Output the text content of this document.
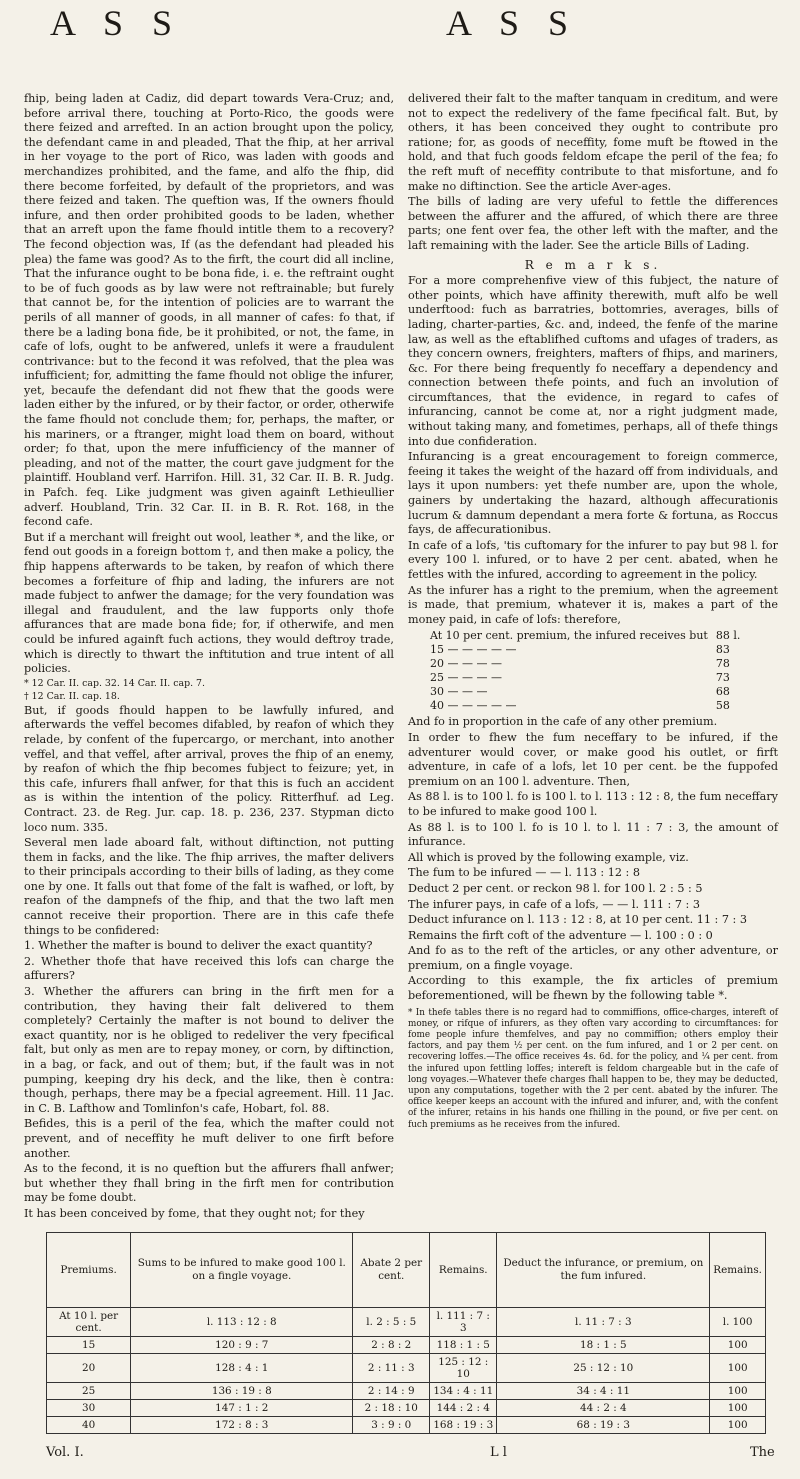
A S S	A S S

fhip, being laden at Cadiz, did depart towards Vera-Cruz; and, before arrival there, touching at Porto-Rico, the goods were there feized and arrefted. In an action brought upon the policy, the defendant came in and pleaded, That the fhip, at her arrival in her voyage to the port of Rico, was laden with goods and merchandizes prohibited, and the fame, and alfo the fhip, did there become forfeited, by default of the proprietors, and was there feized and taken. The queftion was, If the owners fhould infure, and then order prohibited goods to be laden, whether that an arreft upon the fame fhould intitle them to a recovery? The fecond objection was, If (as the defendant had pleaded his plea) the fame was good? As to the firft, the court did all incline, That the infurance ought to be bona fide, i. e. the reftraint ought to be of fuch goods as by law were not reftrainable; but furely that cannot be, for the intention of policies are to warrant the perils of all manner of goods, in all manner of cafes: fo that, if there be a lading bona fide, be it prohibited, or not, the fame, in cafe of lofs, ought to be anfwered, unlefs it were a fraudulent contrivance: but to the fecond it was refolved, that the plea was infufficient; for, admitting the fame fhould not oblige the infurer, yet, becaufe the defendant did not fhew that the goods were laden either by the infured, or by their factor, or order, otherwife the fame fhould not conclude them; for, perhaps, the mafter, or his mariners, or a ftranger, might load them on board, without order; fo that, upon the mere infufficiency of the manner of pleading, and not of the matter, the court gave judgment for the plaintiff. Houbland verf. Harrifon. Hill. 31, 32 Car. II. B. R. Judg. in Pafch. feq. Like judgment was given againft Lethieullier adverf. Houbland, Trin. 32 Car. II. in B. R. Rot. 168, in the fecond cafe.

But if a merchant will freight out wool, leather *, and the like, or fend out goods in a foreign bottom †, and then make a policy, the fhip happens afterwards to be taken, by reafon of which there becomes a forfeiture of fhip and lading, the infurers are not made fubject to anfwer the damage; for the very foundation was illegal and fraudulent, and the law fupports only thofe affurances that are made bona fide; for, if otherwife, and men could be infured againft fuch actions, they would deftroy trade, which is directly to thwart the inftitution and true intent of all policies.

* 12 Car. II. cap. 32. 14 Car. II. cap. 7.

† 12 Car. II. cap. 18.

But, if goods fhould happen to be lawfully infured, and afterwards the veffel becomes difabled, by reafon of which they relade, by confent of the fupercargo, or merchant, into another veffel, and that veffel, after arrival, proves the fhip of an enemy, by reafon of which the fhip becomes fubject to feizure; yet, in this cafe, infurers fhall anfwer, for that this is fuch an accident as is within the intention of the policy. Ritterfhuf. ad Leg. Contract. 23. de Reg. Jur. cap. 18. p. 236, 237. Stypman dicto loco num. 335.

Several men lade aboard falt, without diftinction, not putting them in facks, and the like. The fhip arrives, the mafter delivers to their principals according to their bills of lading, as they come one by one. It falls out that fome of the falt is wafhed, or loft, by reafon of the dampnefs of the fhip, and that the two laft men cannot receive their proportion. There are in this cafe thefe things to be confidered:

1. Whether the mafter is bound to deliver the exact quantity?

2. Whether thofe that have received this lofs can charge the affurers?

3. Whether the affurers can bring in the firft men for a contribution, they having their falt delivered to them completely? Certainly the mafter is not bound to deliver the exact quantity, nor is he obliged to redeliver the very fpecifical falt, but only as men are to repay money, or corn, by diftinction, in a bag, or fack, and out of them; but, if the fault was in not pumping, keeping dry his deck, and the like, then è contra: though, perhaps, there may be a fpecial agreement. Hill. 11 Jac. in C. B. Lafthow and Tomlinfon's cafe, Hobart, fol. 88.

Befides, this is a peril of the fea, which the mafter could not prevent, and of neceffity he muft deliver to one firft before another.

As to the fecond, it is no queftion but the affurers fhall anfwer; but whether they fhall bring in the firft men for contribution may be fome doubt.

It has been conceived by fome, that they ought not; for they

delivered their falt to the mafter tanquam in creditum, and were not to expect the redelivery of the fame fpecifical falt. But, by others, it has been conceived they ought to contribute pro ratione; for, as goods of neceffity, fome muft be ftowed in the hold, and that fuch goods feldom efcape the peril of the fea; fo the reft muft of neceffity contribute to that misfortune, and fo make no diftinction. See the article Aver-ages.

The bills of lading are very ufeful to fettle the differences between the affurer and the affured, of which there are three parts; one fent over fea, the other left with the mafter, and the laft remaining with the lader. See the article Bills of Lading.

R e m a r k s.

For a more comprehenfive view of this fubject, the nature of other points, which have affinity therewith, muft alfo be well underftood: fuch as barratries, bottomries, averages, bills of lading, charter-parties, &c. and, indeed, the fenfe of the marine law, as well as the eftablifhed cuftoms and ufages of traders, as they concern owners, freighters, mafters of fhips, and mariners, &c. For there being frequently fo neceffary a dependency and connection between thefe points, and fuch an involution of circumftances, that the evidence, in regard to cafes of infurancing, cannot be come at, nor a right judgment made, without taking many, and fometimes, perhaps, all of thefe things into due confideration.

Infurancing is a great encouragement to foreign commerce, feeing it takes the weight of the hazard off from individuals, and lays it upon numbers: yet thefe number are, upon the whole, gainers by undertaking the hazard, although affecurationis lucrum & damnum dependant a mera forte & fortuna, as Roccus fays, de affecurationibus.

In cafe of a lofs, 'tis cuftomary for the infurer to pay but 98 l. for every 100 l. infured, or to have 2 per cent. abated, when he fettles with the infured, according to agreement in the policy.

As the infurer has a right to the premium, when the agreement is made, that premium, whatever it is, makes a part of the money paid, in cafe of lofs: therefore,

At 10 per cent. premium, the infured receives but	88 l.
15 — — — — —	83
20 — — — —	78
25 — — — —	73
30 — — —	68
40 — — — — —	58

And fo in proportion in the cafe of any other premium.

In order to fhew the fum neceffary to be infured, if the adventurer would cover, or make good his outlet, or firft adventure, in cafe of a lofs, let 10 per cent. be the fuppofed premium on an 100 l. adventure. Then,

As 88 l. is to 100 l. fo is 100 l. to l. 113 : 12 : 8, the fum neceffary to be infured to make good 100 l.

As 88 l. is to 100 l. fo is 10 l. to l. 11 : 7 : 3, the amount of infurance.

All which is proved by the following example, viz.

The fum to be infured — — l. 113 : 12 : 8

Deduct 2 per cent. or reckon 98 l. for 100 l. 2 : 5 : 5

The infurer pays, in cafe of a lofs, — — l. 111 : 7 : 3

Deduct infurance on l. 113 : 12 : 8, at 10 per cent. 11 : 7 : 3

Remains the firft coft of the adventure — l. 100 : 0 : 0

And fo as to the reft of the articles, or any other adventure, or premium, on a fingle voyage.

According to this example, the fix articles of premium beforementioned, will be fhewn by the following table *.

* In thefe tables there is no regard had to commiffions, office-charges, intereft of money, or rifque of infurers, as they often vary according to circumftances: for fome people infure themfelves, and pay no commiffion; others employ their factors, and pay them ½ per cent. on the fum infured, and 1 or 2 per cent. on recovering loffes.—The office receives 4s. 6d. for the policy, and ¼ per cent. from the infured upon fettling loffes; intereft is feldom chargeable but in the cafe of long voyages.—Whatever thefe charges fhall happen to be, they may be deducted, upon any computations, together with the 2 per cent. abated by the infurer. The office keeper keeps an account with the infured and infurer, and, with the confent of the infurer, retains in his hands one fhilling in the pound, or five per cent. on fuch premiums as he receives from the infured.

Premiums.	Sums to be infured to make good 100 l. on a fingle voyage.	Abate 2 per cent.	Remains.	Deduct the infurance, or premium, on the fum infured.	Remains.
At 10 l. per cent.	l. 113 : 12 : 8	l. 2 : 5 : 5	l. 111 : 7 : 3	l. 11 : 7 : 3	l. 100
15	120 : 9 : 7	2 : 8 : 2	118 : 1 : 5	18 : 1 : 5	100
20	128 : 4 : 1	2 : 11 : 3	125 : 12 : 10	25 : 12 : 10	100
25	136 : 19 : 8	2 : 14 : 9	134 : 4 : 11	34 : 4 : 11	100
30	147 : 1 : 2	2 : 18 : 10	144 : 2 : 4	44 : 2 : 4	100
40	172 : 8 : 3	3 : 9 : 0	168 : 19 : 3	68 : 19 : 3	100
Vol. I.	L l	The
